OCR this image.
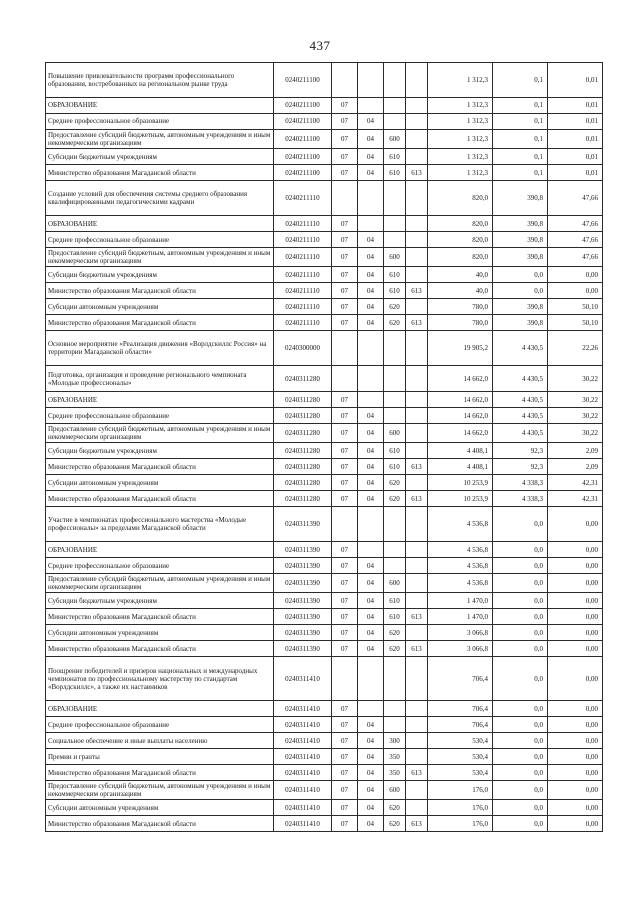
437
Повышение привлекательности программ профессионального образования, востребованных на региональном рынке труда	0240211100					1 312,3	0,1	0,01
ОБРАЗОВАНИЕ	0240211100	07				1 312,3	0,1	0,01
Среднее профессиональное образование	0240211100	07	04			1 312,3	0,1	0,01
Предоставление субсидий бюджетным, автономным учреждениям и иным некоммерческим организациям	0240211100	07	04	600		1 312,3	0,1	0,01
Субсидии бюджетным учреждениям	0240211100	07	04	610		1 312,3	0,1	0,01
Министерство образования Магаданской области	0240211100	07	04	610	613	1 312,3	0,1	0,01
Создание условий для обеспечения системы среднего образования квалифицированными педагогическими кадрами	0240211110					820,0	390,8	47,66
ОБРАЗОВАНИЕ	0240211110	07				820,0	390,8	47,66
Среднее профессиональное образование	0240211110	07	04			820,0	390,8	47,66
Предоставление субсидий бюджетным, автономным учреждениям и иным некоммерческим организациям	0240211110	07	04	600		820,0	390,8	47,66
Субсидии бюджетным учреждениям	0240211110	07	04	610		40,0	0,0	0,00
Министерство образования Магаданской области	0240211110	07	04	610	613	40,0	0,0	0,00
Субсидии автономным учреждениям	0240211110	07	04	620		780,0	390,8	50,10
Министерство образования Магаданской области	0240211110	07	04	620	613	780,0	390,8	50,10
Основное мероприятие «Реализация движения «Ворлдскиллс Россия» на территории Магаданской области»	0240300000					19 905,2	4 430,5	22,26
Подготовка, организация и проведение регионального чемпионата «Молодые профессионалы»	0240311280					14 662,0	4 430,5	30,22
ОБРАЗОВАНИЕ	0240311280	07				14 662,0	4 430,5	30,22
Среднее профессиональное образование	0240311280	07	04			14 662,0	4 430,5	30,22
Предоставление субсидий бюджетным, автономным учреждениям и иным некоммерческим организациям	0240311280	07	04	600		14 662,0	4 430,5	30,22
Субсидии бюджетным учреждениям	0240311280	07	04	610		4 408,1	92,3	2,09
Министерство образования Магаданской области	0240311280	07	04	610	613	4 408,1	92,3	2,09
Субсидии автономным учреждениям	0240311280	07	04	620		10 253,9	4 338,3	42,31
Министерство образования Магаданской области	0240311280	07	04	620	613	10 253,9	4 338,3	42,31
Участие в чемпионатах профессионального мастерства «Молодые профессионалы» за пределами Магаданской области	0240311390					4 536,8	0,0	0,00
ОБРАЗОВАНИЕ	0240311390	07				4 536,8	0,0	0,00
Среднее профессиональное образование	0240311390	07	04			4 536,8	0,0	0,00
Предоставление субсидий бюджетным, автономным учреждениям и иным некоммерческим организациям	0240311390	07	04	600		4 536,8	0,0	0,00
Субсидии бюджетным учреждениям	0240311390	07	04	610		1 470,0	0,0	0,00
Министерство образования Магаданской области	0240311390	07	04	610	613	1 470,0	0,0	0,00
Субсидии автономным учреждениям	0240311390	07	04	620		3 066,8	0,0	0,00
Министерство образования Магаданской области	0240311390	07	04	620	613	3 066,8	0,0	0,00
Поощрение победителей и призеров национальных и международных чемпионатов по профессиональному мастерству по стандартам «Ворлдскиллс», а также их наставников	0240311410					706,4	0,0	0,00
ОБРАЗОВАНИЕ	0240311410	07				706,4	0,0	0,00
Среднее профессиональное образование	0240311410	07	04			706,4	0,0	0,00
Социальное обеспечение и иные выплаты населению	0240311410	07	04	300		530,4	0,0	0,00
Премии и гранты	0240311410	07	04	350		530,4	0,0	0,00
Министерство образования Магаданской области	0240311410	07	04	350	613	530,4	0,0	0,00
Предоставление субсидий бюджетным, автономным учреждениям и иным некоммерческим организациям	0240311410	07	04	600		176,0	0,0	0,00
Субсидии автономным учреждениям	0240311410	07	04	620		176,0	0,0	0,00
Министерство образования Магаданской области	0240311410	07	04	620	613	176,0	0,0	0,00
